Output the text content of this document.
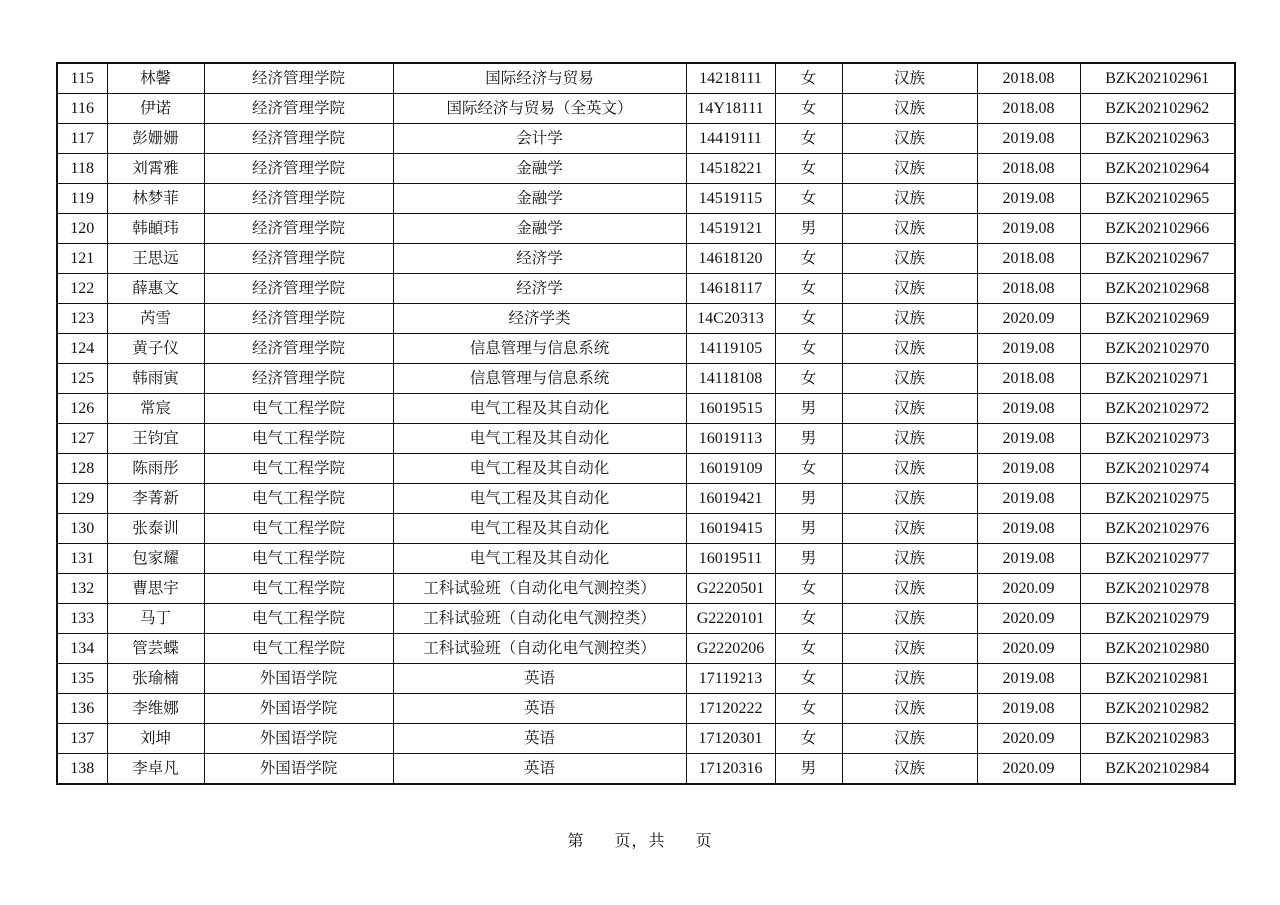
115	林馨	经济管理学院	国际经济与贸易	14218111	女	汉族	2018.08	BZK202102961
116	伊诺	经济管理学院	国际经济与贸易（全英文）	14Y18111	女	汉族	2018.08	BZK202102962
117	彭姗姗	经济管理学院	会计学	14419111	女	汉族	2019.08	BZK202102963
118	刘霄雅	经济管理学院	金融学	14518221	女	汉族	2018.08	BZK202102964
119	林梦菲	经济管理学院	金融学	14519115	女	汉族	2019.08	BZK202102965
120	韩頔玮	经济管理学院	金融学	14519121	男	汉族	2019.08	BZK202102966
121	王思远	经济管理学院	经济学	14618120	女	汉族	2018.08	BZK202102967
122	薛惠文	经济管理学院	经济学	14618117	女	汉族	2018.08	BZK202102968
123	芮雪	经济管理学院	经济学类	14C20313	女	汉族	2020.09	BZK202102969
124	黄子仪	经济管理学院	信息管理与信息系统	14119105	女	汉族	2019.08	BZK202102970
125	韩雨寅	经济管理学院	信息管理与信息系统	14118108	女	汉族	2018.08	BZK202102971
126	常宸	电气工程学院	电气工程及其自动化	16019515	男	汉族	2019.08	BZK202102972
127	王钧宜	电气工程学院	电气工程及其自动化	16019113	男	汉族	2019.08	BZK202102973
128	陈雨彤	电气工程学院	电气工程及其自动化	16019109	女	汉族	2019.08	BZK202102974
129	李菁新	电气工程学院	电气工程及其自动化	16019421	男	汉族	2019.08	BZK202102975
130	张泰训	电气工程学院	电气工程及其自动化	16019415	男	汉族	2019.08	BZK202102976
131	包家耀	电气工程学院	电气工程及其自动化	16019511	男	汉族	2019.08	BZK202102977
132	曹思宇	电气工程学院	工科试验班（自动化电气测控类）	G2220501	女	汉族	2020.09	BZK202102978
133	马丁	电气工程学院	工科试验班（自动化电气测控类）	G2220101	女	汉族	2020.09	BZK202102979
134	管芸蝶	电气工程学院	工科试验班（自动化电气测控类）	G2220206	女	汉族	2020.09	BZK202102980
135	张瑜楠	外国语学院	英语	17119213	女	汉族	2019.08	BZK202102981
136	李维娜	外国语学院	英语	17120222	女	汉族	2019.08	BZK202102982
137	刘坤	外国语学院	英语	17120301	女	汉族	2020.09	BZK202102983
138	李卓凡	外国语学院	英语	17120316	男	汉族	2020.09	BZK202102984
第 页，共 页
